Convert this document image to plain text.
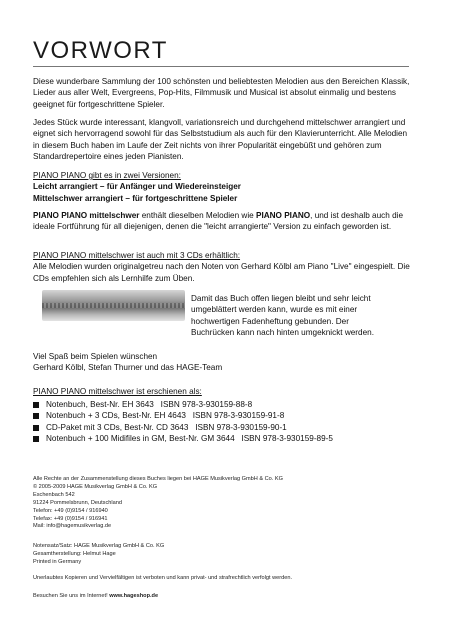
VORWORT

Diese wunderbare Sammlung der 100 schönsten und beliebtesten Melodien aus den Bereichen Klassik, Lieder aus aller Welt, Evergreens, Pop-Hits, Filmmusik und Musical ist absolut einmalig und bestens geeignet für fortgeschrittene Spieler.

Jedes Stück wurde interessant, klangvoll, variationsreich und durchgehend mittelschwer arrangiert und eignet sich hervorragend sowohl für das Selbststudium als auch für den Klavierunterricht. Alle Melodien in diesem Buch haben im Laufe der Zeit nichts von ihrer Popularität eingebüßt und gehören zum Standardrepertoire eines jeden Pianisten.

PIANO PIANO gibt es in zwei Versionen:

Leicht arrangiert – für Anfänger und Wiedereinsteiger

Mittelschwer arrangiert – für fortgeschrittene Spieler

PIANO PIANO mittelschwer enthält dieselben Melodien wie PIANO PIANO, und ist deshalb auch die ideale Fortführung für all diejenigen, denen die "leicht arrangierte" Version zu einfach geworden ist.

PIANO PIANO mittelschwer ist auch mit 3 CDs erhältlich:

Alle Melodien wurden originalgetreu nach den Noten von Gerhard Kölbl am Piano "Live" eingespielt. Die CDs empfehlen sich als Lernhilfe zum Üben.

Damit das Buch offen liegen bleibt und sehr leicht umgeblättert werden kann, wurde es mit einer hochwertigen Fadenheftung gebunden. Der Buchrücken kann nach hinten umgeknickt werden.

Viel Spaß beim Spielen wünschen

Gerhard Kölbl, Stefan Thurner und das HAGE-Team

PIANO PIANO mittelschwer ist erschienen als:

Notenbuch, Best-Nr. EH 3643   ISBN 978-3-930159-88-8
Notenbuch + 3 CDs, Best-Nr. EH 4643   ISBN 978-3-930159-91-8
CD-Paket mit 3 CDs, Best-Nr. CD 3643   ISBN 978-3-930159-90-1
Notenbuch + 100 Midifiles in GM, Best-Nr. GM 3644   ISBN 978-3-930159-89-5
Alle Rechte an der Zusammenstellung dieses Buches liegen bei HAGE Musikverlag GmbH & Co. KG
© 2005-2009 HAGE Musikverlag GmbH & Co. KG
Eschenbach 542
91224 Pommelsbrunn, Deutschland
Telefon: +49 (0)9154 / 916940
Telefax: +49 (0)9154 / 916941
Mail: info@hagemusikverlag.de
Notensatz/Satz: HAGE Musikverlag GmbH & Co. KG
Gesamtherstellung: Helmut Hage
Printed in Germany
Unerlaubtes Kopieren und Vervielfältigen ist verboten und kann privat- und strafrechtlich verfolgt werden.
Besuchen Sie uns im Internet! www.hageshop.de
